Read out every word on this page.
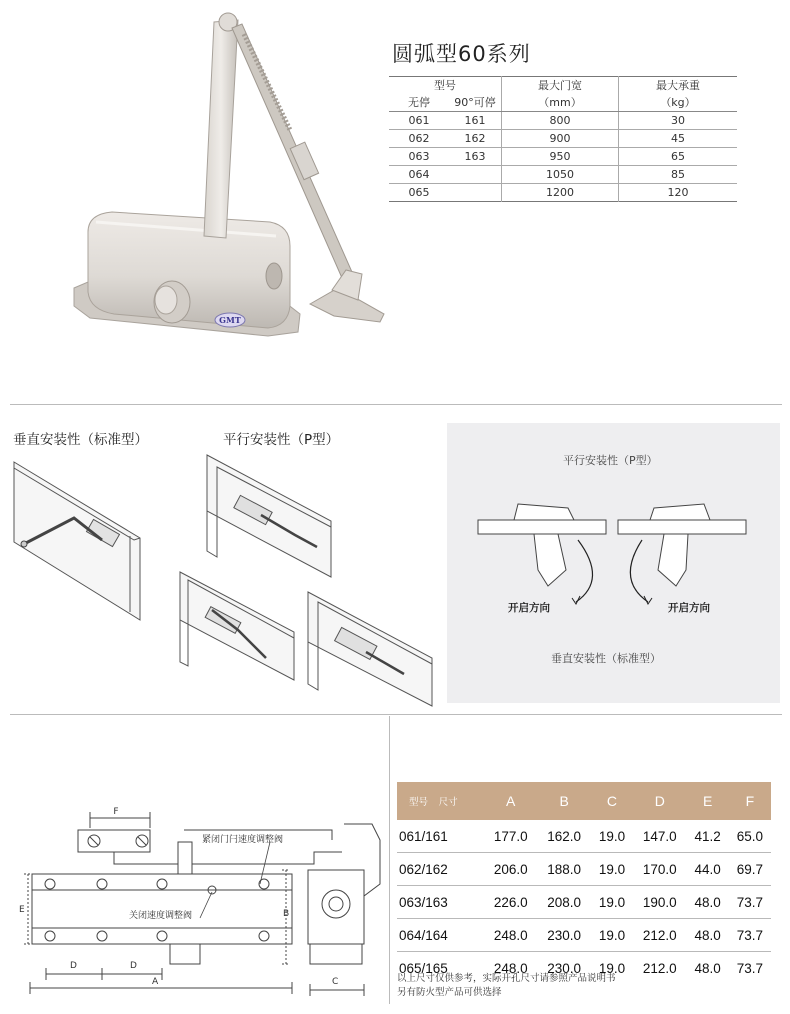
GMT
圆弧型60系列
型号		最大门宽	最大承重
无停	90°可停	（mm）	（kg）
061	161	800	30
062	162	900	45
063	163	950	65
064		1050	85
065		1200	120
垂直安装性（标准型）	平行安装性（P型）
平行安装性（P型）
开启方向	开启方向
垂直安装性（标准型）
F
E	B
D	D
A	C
紧闭门闩速度调整阀
关闭速度调整阀
型号 尺寸	A	B	C	D	E	F
061/161	177.0	162.0	19.0	147.0	41.2	65.0
062/162	206.0	188.0	19.0	170.0	44.0	69.7
063/163	226.0	208.0	19.0	190.0	48.0	73.7
064/164	248.0	230.0	19.0	212.0	48.0	73.7
065/165	248.0	230.0	19.0	212.0	48.0	73.7
以上尺寸仅供参考，实际开孔尺寸请参照产品说明书
另有防火型产品可供选择
